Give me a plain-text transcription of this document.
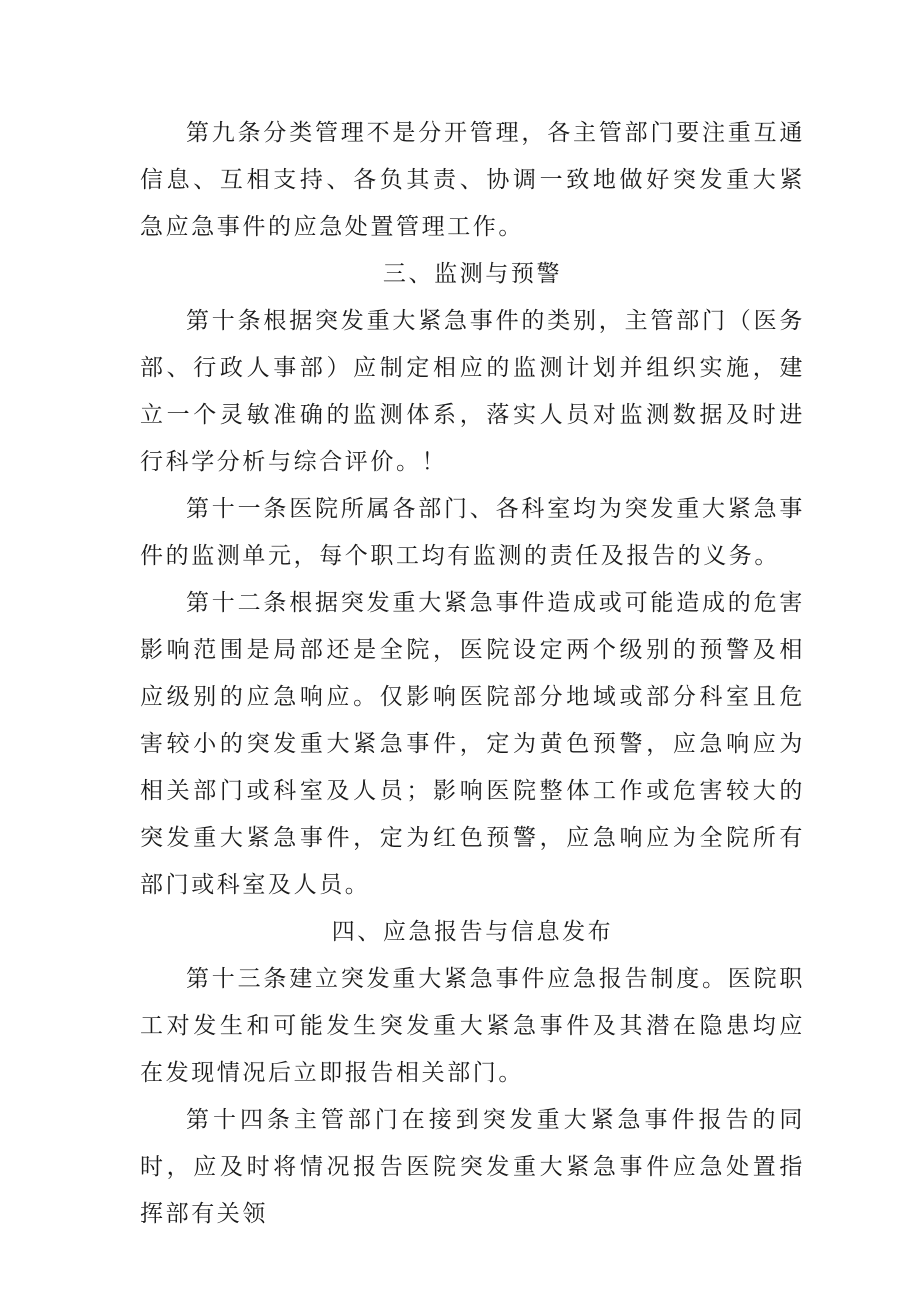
第九条分类管理不是分开管理，各主管部门要注重互通信息、互相支持、各负其责、协调一致地做好突发重大紧急应急事件的应急处置管理工作。

三、监测与预警

第十条根据突发重大紧急事件的类别，主管部门（医务部、行政人事部）应制定相应的监测计划并组织实施，建立一个灵敏准确的监测体系，落实人员对监测数据及时进行科学分析与综合评价。！

第十一条医院所属各部门、各科室均为突发重大紧急事件的监测单元，每个职工均有监测的责任及报告的义务。

第十二条根据突发重大紧急事件造成或可能造成的危害影响范围是局部还是全院，医院设定两个级别的预警及相应级别的应急响应。仅影响医院部分地域或部分科室且危害较小的突发重大紧急事件，定为黄色预警，应急响应为相关部门或科室及人员；影响医院整体工作或危害较大的突发重大紧急事件，定为红色预警，应急响应为全院所有部门或科室及人员。

四、应急报告与信息发布

第十三条建立突发重大紧急事件应急报告制度。医院职工对发生和可能发生突发重大紧急事件及其潜在隐患均应在发现情况后立即报告相关部门。

第十四条主管部门在接到突发重大紧急事件报告的同时，应及时将情况报告医院突发重大紧急事件应急处置指挥部有关领
